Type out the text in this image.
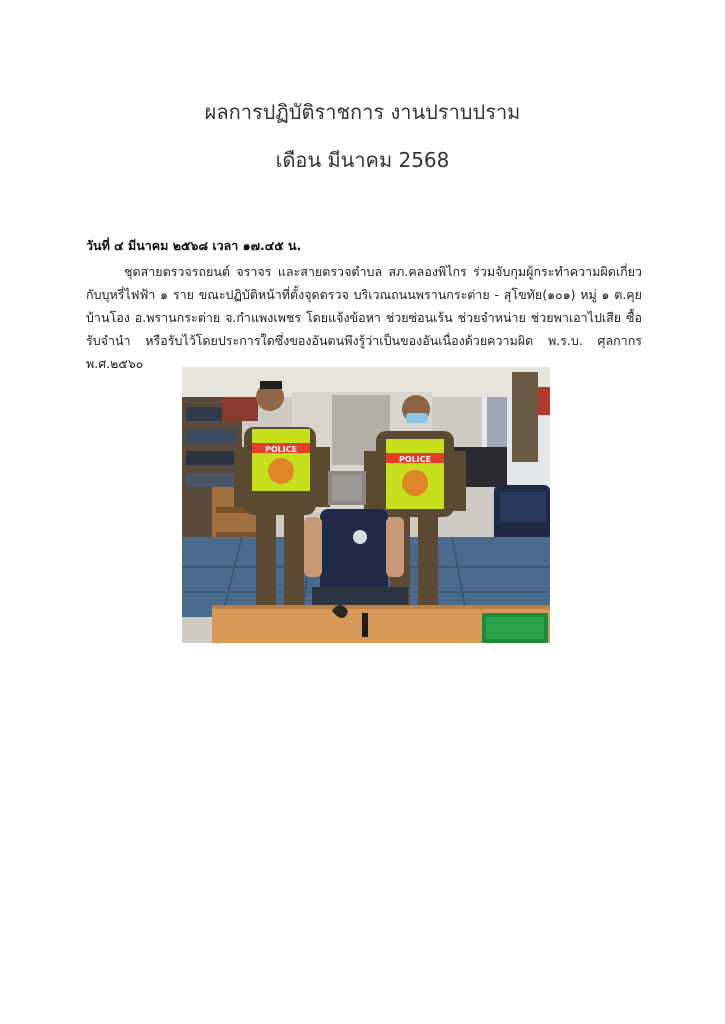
ผลการปฏิบัติราชการ งานปราบปราม
เดือน มีนาคม 2568

วันที่ ๔ มีนาคม ๒๕๖๘ เวลา ๑๗.๔๕ น.

ชุดสายตรวจรถยนต์ จราจร และสายตรวจตำบล สภ.คลองพิไกร ร่วมจับกุมผู้กระทำความผิดเกี่ยวกับบุหรี่ไฟฟ้า ๑ ราย ขณะปฏิบัติหน้าที่ตั้งจุดตรวจ บริเวณถนนพรานกระต่าย - สุโขทัย(๑๐๑) หมู่ ๑ ต.คุยบ้านโอง อ.พรานกระต่าย จ.กำแพงเพชร โดยแจ้งข้อหา ช่วยซ่อนเร้น ช่วยจำหน่าย ช่วยพาเอาไปเสีย ซื้อ รับจำนำ หรือรับไว้โดยประการใดซึ่งของอันตนพึงรู้ว่าเป็นของอันเนื่องด้วยความผิด พ.ร.บ. ศุลกากร พ.ศ.๒๕๖๐

POLICE
POLICE
